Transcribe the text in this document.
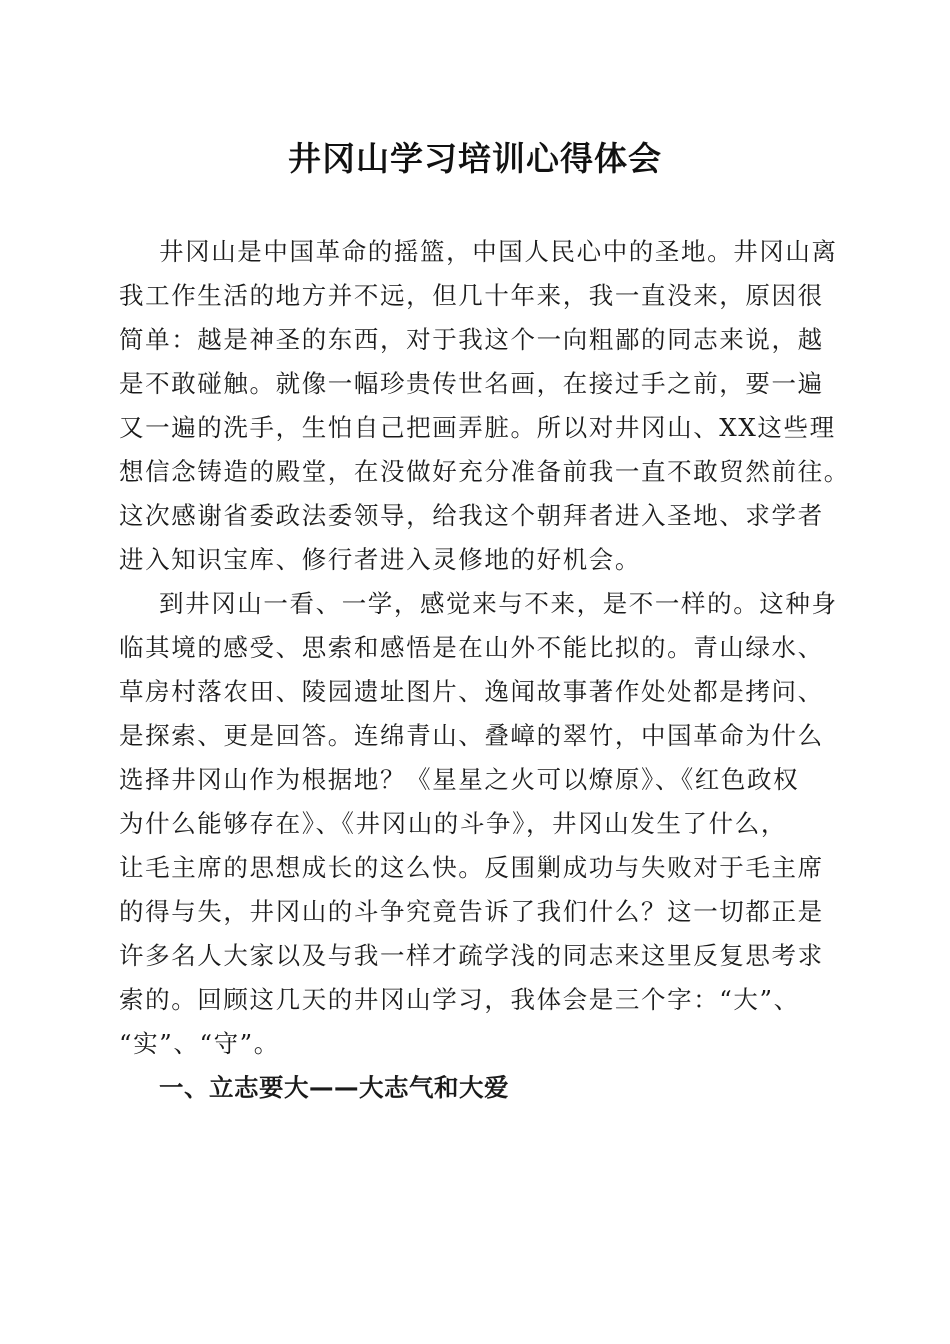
井冈山学习培训心得体会
井冈山是中国革命的摇篮，中国人民心中的圣地。井冈山离
我工作生活的地方并不远，但几十年来，我一直没来，原因很
简单：越是神圣的东西，对于我这个一向粗鄙的同志来说，越
是不敢碰触。就像一幅珍贵传世名画，在接过手之前，要一遍
又一遍的洗手，生怕自己把画弄脏。所以对井冈山、XX这些理
想信念铸造的殿堂，在没做好充分准备前我一直不敢贸然前往。
这次感谢省委政法委领导，给我这个朝拜者进入圣地、求学者
进入知识宝库、修行者进入灵修地的好机会。
到井冈山一看、一学，感觉来与不来，是不一样的。这种身
临其境的感受、思索和感悟是在山外不能比拟的。青山绿水、
草房村落农田、陵园遗址图片、逸闻故事著作处处都是拷问、
是探索、更是回答。连绵青山、叠嶂的翠竹，中国革命为什么
选择井冈山作为根据地？《星星之火可以燎原》、《红色政权
为什么能够存在》、《井冈山的斗争》，井冈山发生了什么，
让毛主席的思想成长的这么快。反围剿成功与失败对于毛主席
的得与失，井冈山的斗争究竟告诉了我们什么？这一切都正是
许多名人大家以及与我一样才疏学浅的同志来这里反复思考求
索的。回顾这几天的井冈山学习，我体会是三个字：“大”、
“实”、“守”。
一、立志要大——大志气和大爱
